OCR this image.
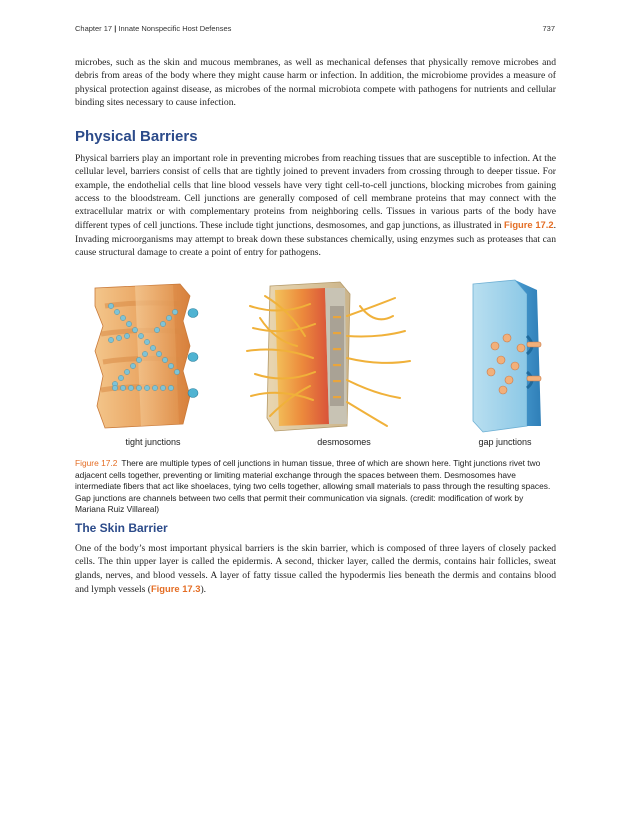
Chapter 17 | Innate Nonspecific Host Defenses	737

microbes, such as the skin and mucous membranes, as well as mechanical defenses that physically remove microbes and debris from areas of the body where they might cause harm or infection. In addition, the microbiome provides a measure of physical protection against disease, as microbes of the normal microbiota compete with pathogens for nutrients and cellular binding sites necessary to cause infection.

Physical Barriers

Physical barriers play an important role in preventing microbes from reaching tissues that are susceptible to infection. At the cellular level, barriers consist of cells that are tightly joined to prevent invaders from crossing through to deeper tissue. For example, the endothelial cells that line blood vessels have very tight cell-to-cell junctions, blocking microbes from gaining access to the bloodstream. Cell junctions are generally composed of cell membrane proteins that may connect with the extracellular matrix or with complementary proteins from neighboring cells. Tissues in various parts of the body have different types of cell junctions. These include tight junctions, desmosomes, and gap junctions, as illustrated in Figure 17.2. Invading microorganisms may attempt to break down these substances chemically, using enzymes such as proteases that can cause structural damage to create a point of entry for pathogens.

tight junctions	desmosomes	gap junctions

Figure 17.2 There are multiple types of cell junctions in human tissue, three of which are shown here. Tight junctions rivet two adjacent cells together, preventing or limiting material exchange through the spaces between them. Desmosomes have intermediate fibers that act like shoelaces, tying two cells together, allowing small materials to pass through the resulting spaces. Gap junctions are channels between two cells that permit their communication via signals. (credit: modification of work by Mariana Ruiz Villareal)

The Skin Barrier

One of the body’s most important physical barriers is the skin barrier, which is composed of three layers of closely packed cells. The thin upper layer is called the epidermis. A second, thicker layer, called the dermis, contains hair follicles, sweat glands, nerves, and blood vessels. A layer of fatty tissue called the hypodermis lies beneath the dermis and contains blood and lymph vessels (Figure 17.3).
